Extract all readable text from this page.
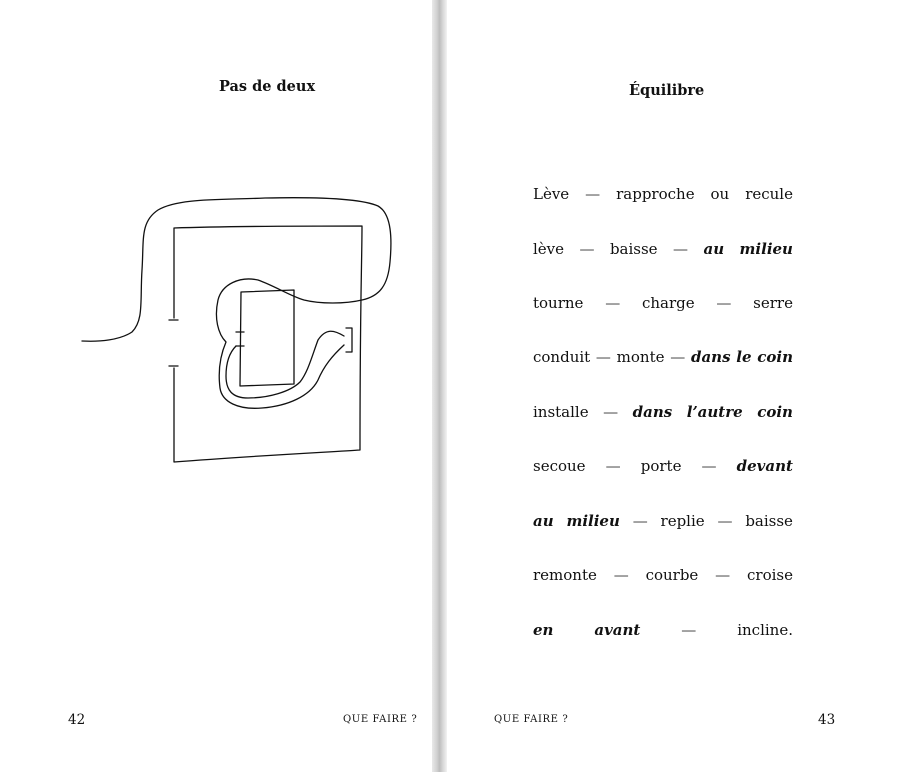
Pas de deux
42	QUE FAIRE ?
Équilibre
Lève — rapproche ou recule
lève — baisse — au milieu
tourne — charge — serre
conduit — monte — dans le coin
installe — dans l’autre coin
secoue — porte — devant
au milieu — replie — baisse
remonte — courbe — croise
en	avant	—	incline.
QUE FAIRE ?	43
